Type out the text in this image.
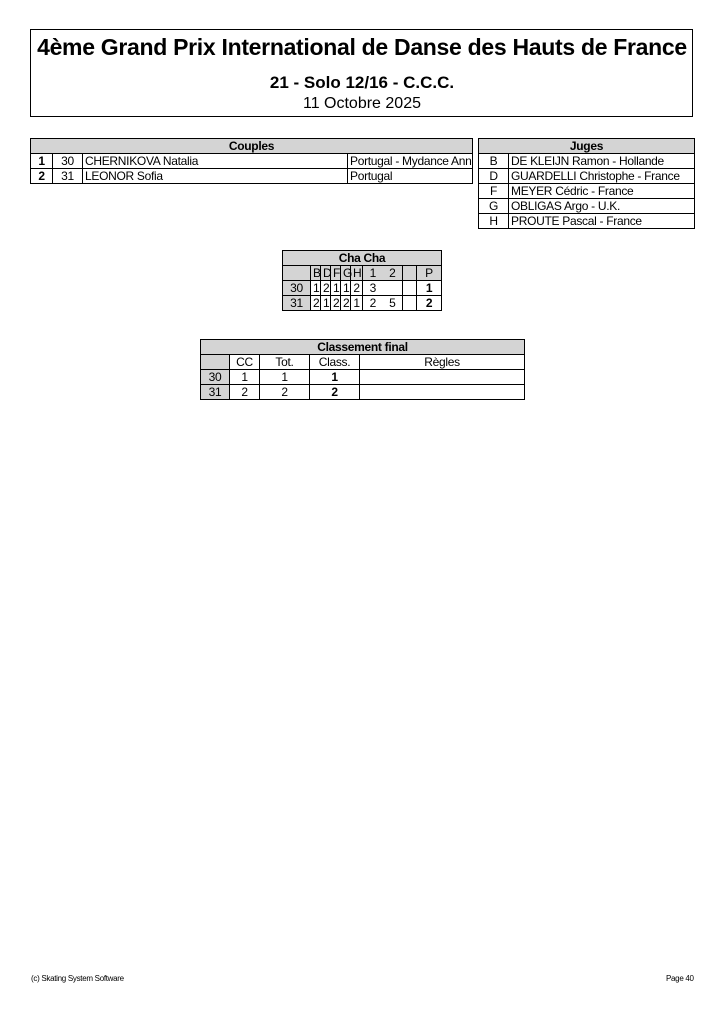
4ème Grand Prix International de Danse des Hauts de France
21 - Solo 12/16 - C.C.C.
11 Octobre 2025
Couples			
1	30	CHERNIKOVA Natalia	Portugal - Mydance Ann
2	31	LEONOR Sofia	Portugal
Juges	
B	DE KLEIJN Ramon - Hollande
D	GUARDELLI Christophe - France
F	MEYER Cédric - France
G	OBLIGAS Argo - U.K.
H	PROUTE Pascal - France
Cha Cha									
	B	D	F	G	H	1	2		P
30	1	2	1	1	2	3			1
31	2	1	2	2	1	2	5		2
Classement final				
	CC	Tot.	Class.	Règles
30	1	1	1	
31	2	2	2	
(c) Skating System Software	Page 40
